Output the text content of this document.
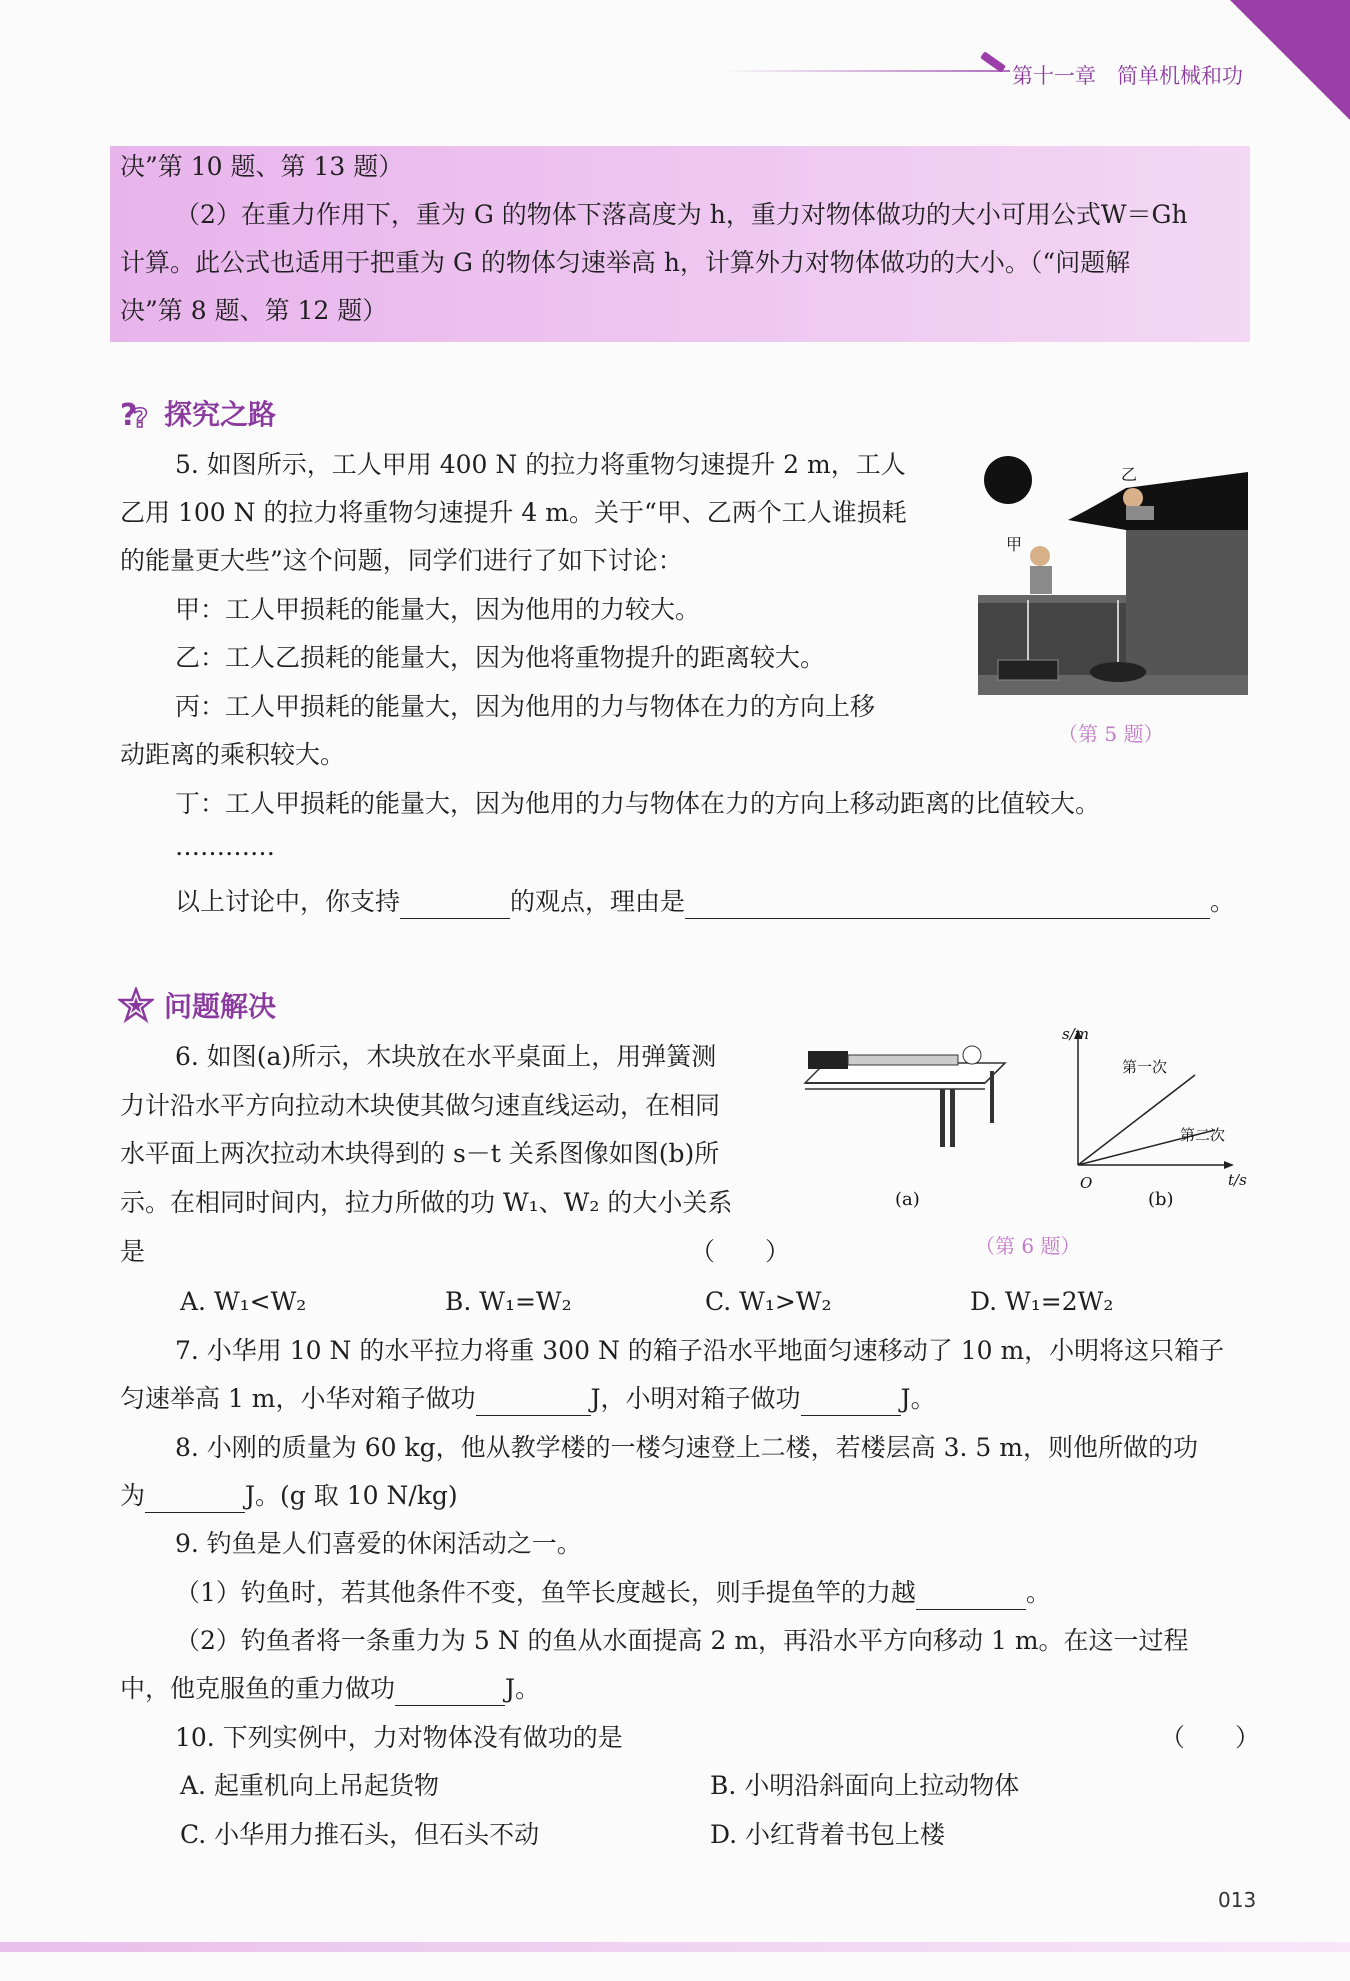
第十一章　简单机械和功
决”第 10 题、第 13 题）
（2）在重力作用下，重为 G 的物体下落高度为 h，重力对物体做功的大小可用公式W＝Gh
计算。此公式也适用于把重为 G 的物体匀速举高 h，计算外力对物体做功的大小。（“问题解
决”第 8 题、第 12 题）
?
? 探究之路
5. 如图所示，工人甲用 400 N 的拉力将重物匀速提升 2 m，工人
乙用 100 N 的拉力将重物匀速提升 4 m。关于“甲、乙两个工人谁损耗
的能量更大些”这个问题，同学们进行了如下讨论：
甲：工人甲损耗的能量大，因为他用的力较大。
乙：工人乙损耗的能量大，因为他将重物提升的距离较大。
丙：工人甲损耗的能量大，因为他用的力与物体在力的方向上移
动距离的乘积较大。
丁：工人甲损耗的能量大，因为他用的力与物体在力的方向上移动距离的比值较大。
…………
以上讨论中，你支持	的观点，理由是	。
甲
乙
（第 5 题）
问题解决
6. 如图(a)所示，木块放在水平桌面上，用弹簧测
力计沿水平方向拉动木块使其做匀速直线运动，在相同
水平面上两次拉动木块得到的 s－t 关系图像如图(b)所
示。在相同时间内，拉力所做的功 W₁、W₂ 的大小关系
是	（　　）
A. W₁<W₂	B. W₁=W₂	C. W₁>W₂	D. W₁=2W₂
(a)
s/m
t/s
O
第一次
第二次
(b)
（第 6 题）
7. 小华用 10 N 的水平拉力将重 300 N 的箱子沿水平地面匀速移动了 10 m，小明将这只箱子
匀速举高 1 m，小华对箱子做功	J，小明对箱子做功	J。
8. 小刚的质量为 60 kg，他从教学楼的一楼匀速登上二楼，若楼层高 3. 5 m，则他所做的功
为	J。(g 取 10 N/kg)
9. 钓鱼是人们喜爱的休闲活动之一。
（1）钓鱼时，若其他条件不变，鱼竿长度越长，则手提鱼竿的力越	。
（2）钓鱼者将一条重力为 5 N 的鱼从水面提高 2 m，再沿水平方向移动 1 m。在这一过程
中，他克服鱼的重力做功	J。
10. 下列实例中，力对物体没有做功的是	（　　）
A. 起重机向上吊起货物	B. 小明沿斜面向上拉动物体
C. 小华用力推石头，但石头不动	D. 小红背着书包上楼
013
